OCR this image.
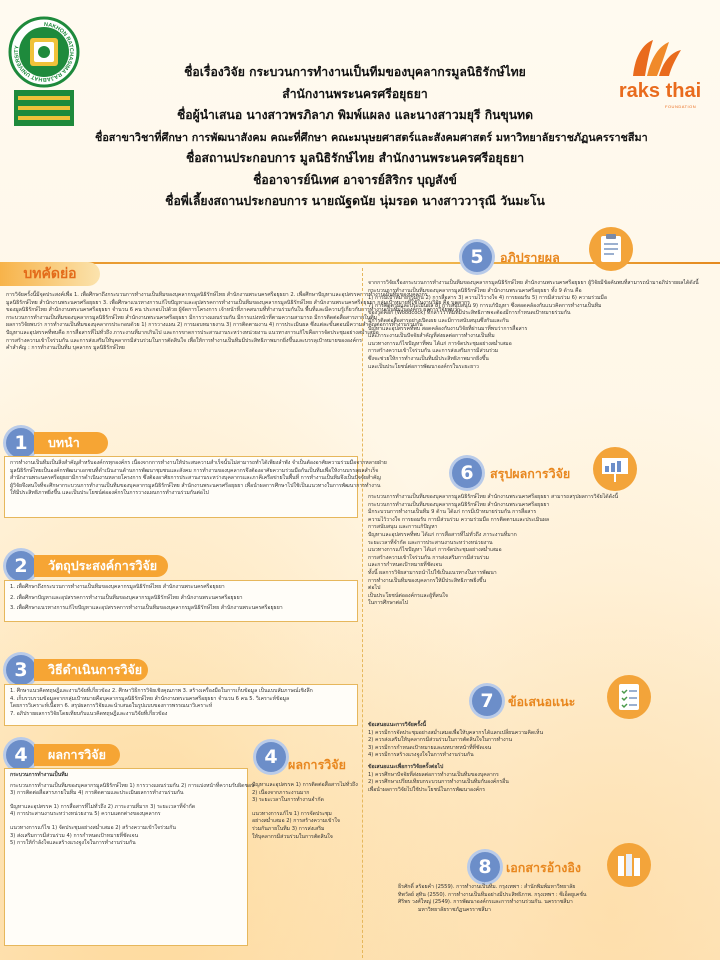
NAKHON RATCHASIMA RAJABHAT UNIVERSITY
raks thai
FOUNDATION
ชื่อเรื่องวิจัย กระบวนการทำงานเป็นทีมของบุคลากรมูลนิธิรักษ์ไทย
สำนักงานพระนครศรีอยุธยา
ชื่อผู้นำเสนอ นางสาวพรภิลาภ พิมพ์แผลง และนางสาวมยุรี กินขุนทด
ชื่อสาขาวิชาที่ศึกษา การพัฒนาสังคม คณะที่ศึกษา คณะมนุษยศาสตร์และสังคมศาสตร์ มหาวิทยาลัยราชภัฏนครราชสีมา
ชื่อสถานประกอบการ มูลนิธิรักษ์ไทย สำนักงานพระนครศรีอยุธยา
ชื่ออาจารย์นิเทศ อาจารย์สิริกร บุญสังข์
ชื่อพี่เลี้ยงสถานประกอบการ นายณัฐดนัย นุ่มรอด นางสาววารุณี วันมะโน
บทคัดย่อ
การวิจัยครั้งนี้มีจุดประสงค์เพื่อ 1. เพื่อศึกษาถึงกระบวนการทำงานเป็นทีมของบุคลากรมูลนิธิรักษ์ไทย สำนักงานพระนครศรีอยุธยา 2. เพื่อศึกษาปัญหาและอุปสรรคการทำงานเป็นทีมของบุคลากร
มูลนิธิรักษ์ไทย สำนักงานพระนครศรีอยุธยา 3. เพื่อศึกษาแนวทางการแก้ไขปัญหาและอุปสรรคการทำงานเป็นทีมของบุคลากรมูลนิธิรักษ์ไทย สำนักงานพระนครศรีอยุธยา กลุ่มเป้าหมายที่ใช้ในงานวิจัย คือ บุคลากร
ของมูลนิธิรักษ์ไทย สำนักงานพระนครศรีอยุธยา จำนวน 6 คน ประกอบไปด้วย ผู้จัดการโครงการ เจ้าหน้าที่ภาคสนามที่ทำงานร่วมกันใน พื้นที่และมีความรู้เกี่ยวกับการทำงานเป็นทีมในองค์กร ผลการวิจัยพบว่า
กระบวนการทำงานเป็นทีมของบุคลากรมูลนิธิรักษ์ไทย สำนักงานพระนครศรีอยุธยา มีการวางแผนร่วมกัน มีการแบ่งหน้าที่ตามความสามารถ มีการติดต่อสื่อสารภายในทีม
ผลการวิจัยพบว่า การทำงานเป็นทีมของบุคลากรประกอบด้วย 1) การวางแผน 2) การมอบหมายงาน 3) การติดตามงาน 4) การประเมินผล ซึ่งแต่ละขั้นตอนมีความสำคัญต่อการทำงานร่วมกัน
ปัญหาและอุปสรรคที่พบคือ การสื่อสารที่ไม่ทั่วถึง ภาระงานที่มากเกินไป และการขาดการประสานงานระหว่างหน่วยงาน แนวทางการแก้ไขคือการจัดประชุมอย่างสม่ำเสมอ
การสร้างความเข้าใจร่วมกัน และการส่งเสริมให้บุคลากรมีส่วนร่วมในการตัดสินใจ เพื่อให้การทำงานเป็นทีมมีประสิทธิภาพมากยิ่งขึ้นและบรรลุเป้าหมายขององค์กร
คำสำคัญ : การทำงานเป็นทีม บุคลากร มูลนิธิรักษ์ไทย
1	บทนำ
การทำงานเป็นทีมเป็นสิ่งสำคัญสำหรับองค์กรทุกองค์กร เนื่องจากการทำงานให้ประสบความสำเร็จนั้นไม่สามารถทำได้เพียงลำพัง จำเป็นต้องอาศัยความร่วมมือจากหลายฝ่าย
มูลนิธิรักษ์ไทยเป็นองค์กรพัฒนาเอกชนที่ดำเนินงานด้านการพัฒนาชุมชนและสังคม การทำงานของบุคลากรจึงต้องอาศัยความร่วมมือกันเป็นทีมเพื่อให้งานบรรลุผลสำเร็จ
สำนักงานพระนครศรีอยุธยามีการดำเนินงานหลายโครงการ ซึ่งต้องอาศัยการประสานงานระหว่างบุคลากรและภาคีเครือข่ายในพื้นที่ การทำงานเป็นทีมจึงเป็นปัจจัยสำคัญ
ผู้วิจัยจึงสนใจที่จะศึกษากระบวนการทำงานเป็นทีมของบุคลากรมูลนิธิรักษ์ไทย สำนักงานพระนครศรีอยุธยา เพื่อนำผลการศึกษาไปใช้เป็นแนวทางในการพัฒนาการทำงาน
ให้มีประสิทธิภาพยิ่งขึ้น และเป็นประโยชน์ต่อองค์กรในการวางแผนการทำงานร่วมกันต่อไป
2	วัตถุประสงค์การวิจัย
1. เพื่อศึกษาถึงกระบวนการทำงานเป็นทีมของบุคลากรมูลนิธิรักษ์ไทย สำนักงานพระนครศรีอยุธยา
2. เพื่อศึกษาปัญหาและอุปสรรคการทำงานเป็นทีมของบุคลากรมูลนิธิรักษ์ไทย สำนักงานพระนครศรีอยุธยา
3. เพื่อศึกษาแนวทางการแก้ไขปัญหาและอุปสรรคการทำงานเป็นทีมของบุคลากรมูลนิธิรักษ์ไทย สำนักงานพระนครศรีอยุธยา
3	วิธีดำเนินการวิจัย
1. ศึกษาแนวคิดทฤษฎีและงานวิจัยที่เกี่ยวข้อง 2. ศึกษาวิธีการวิจัยเชิงคุณภาพ 3. สร้างเครื่องมือในการเก็บข้อมูล เป็นแบบสัมภาษณ์เชิงลึก
4. เก็บรวบรวมข้อมูลจากกลุ่มเป้าหมายคือบุคลากรมูลนิธิรักษ์ไทย สำนักงานพระนครศรีอยุธยา จำนวน 6 คน 5. วิเคราะห์ข้อมูล
โดยการวิเคราะห์เนื้อหา 6. สรุปผลการวิจัยและนำเสนอในรูปแบบของการพรรณนาวิเคราะห์
7. อภิปรายผลการวิจัยโดยเทียบกับแนวคิดทฤษฎีและงานวิจัยที่เกี่ยวข้อง
4	ผลการวิจัย
กระบวนการทำงานเป็นทีม
กระบวนการทำงานเป็นทีมของบุคลากรมูลนิธิรักษ์ไทย 1) การวางแผนร่วมกัน 2) การแบ่งหน้าที่ความรับผิดชอบ
3) การติดต่อสื่อสารภายในทีม 4) การติดตามและประเมินผลการทำงานร่วมกัน
ปัญหาและอุปสรรค 1) การสื่อสารที่ไม่ทั่วถึง 2) ภาระงานที่มาก 3) ระยะเวลาที่จำกัด
4) การประสานงานระหว่างหน่วยงาน 5) ความแตกต่างของบุคลากร
แนวทางการแก้ไข 1) จัดประชุมอย่างสม่ำเสมอ 2) สร้างความเข้าใจร่วมกัน
3) ส่งเสริมการมีส่วนร่วม 4) การกำหนดเป้าหมายที่ชัดเจน
5) การให้กำลังใจและสร้างแรงจูงใจในการทำงานร่วมกัน
4 ผลการวิจัย
ปัญหาและอุปสรรค 1) การติดต่อสื่อสารไม่ทั่วถึง
2) เนื่องจากภาระงานมาก
3) ระยะเวลาในการทำงานจำกัด
แนวทางการแก้ไข 1) การจัดประชุม
อย่างสม่ำเสมอ 2) การสร้างความเข้าใจ
ร่วมกันภายในทีม 3) การส่งเสริม
ให้บุคลากรมีส่วนร่วมในการตัดสินใจ
5	อภิปรายผล
จากการวิจัยเรื่องกระบวนการทำงานเป็นทีมของบุคลากรมูลนิธิรักษ์ไทย สำนักงานพระนครศรีอยุธยา ผู้วิจัยมีข้อค้นพบที่สามารถนำมาอภิปรายผลได้ดังนี้
กระบวนการทำงานเป็นทีมของบุคลากรมูลนิธิรักษ์ไทย สำนักงานพระนครศรีอยุธยา ทั้ง 9 ด้าน คือ
1) การมีเป้าหมายร่วมกัน 2) การสื่อสาร 3) ความไว้วางใจ 4) การยอมรับ 5) การมีส่วนร่วม 6) ความร่วมมือ
7) การติดตามและประเมินผล 8) การสนับสนุน 9) การแก้ปัญหา ซึ่งสอดคล้องกับแนวคิดการทำงานเป็นทีม
ของวูดค็อก (Woodcock) ที่กล่าวว่าทีมที่มีประสิทธิภาพจะต้องมีการกำหนดเป้าหมายร่วมกัน
มีการติดต่อสื่อสารอย่างเปิดเผย และมีการสนับสนุนซึ่งกันและกัน
ปัญหาและอุปสรรคที่พบ สอดคล้องกับงานวิจัยที่ผ่านมาที่พบว่าการสื่อสาร
และภาระงานเป็นปัจจัยสำคัญที่ส่งผลต่อการทำงานเป็นทีม
แนวทางการแก้ไขปัญหาที่พบ ได้แก่ การจัดประชุมอย่างสม่ำเสมอ
การสร้างความเข้าใจร่วมกัน และการส่งเสริมการมีส่วนร่วม
ซึ่งจะช่วยให้การทำงานเป็นทีมมีประสิทธิภาพมากยิ่งขึ้น
และเป็นประโยชน์ต่อการพัฒนาองค์กรในระยะยาว
6	สรุปผลการวิจัย
กระบวนการทำงานเป็นทีมของบุคลากรมูลนิธิรักษ์ไทย สำนักงานพระนครศรีอยุธยา สามารถสรุปผลการวิจัยได้ดังนี้
กระบวนการทำงานเป็นทีมของบุคลากรมูลนิธิรักษ์ไทย สำนักงานพระนครศรีอยุธยา
มีกระบวนการทำงานเป็นทีม 9 ด้าน ได้แก่ การมีเป้าหมายร่วมกัน การสื่อสาร
ความไว้วางใจ การยอมรับ การมีส่วนร่วม ความร่วมมือ การติดตามและประเมินผล
การสนับสนุน และการแก้ปัญหา
ปัญหาและอุปสรรคที่พบ ได้แก่ การสื่อสารที่ไม่ทั่วถึง ภาระงานที่มาก
ระยะเวลาที่จำกัด และการประสานงานระหว่างหน่วยงาน
แนวทางการแก้ไขปัญหา ได้แก่ การจัดประชุมอย่างสม่ำเสมอ
การสร้างความเข้าใจร่วมกัน การส่งเสริมการมีส่วนร่วม
และการกำหนดเป้าหมายที่ชัดเจน
ทั้งนี้ ผลการวิจัยสามารถนำไปใช้เป็นแนวทางในการพัฒนา
การทำงานเป็นทีมของบุคลากรให้มีประสิทธิภาพยิ่งขึ้น
ต่อไป
เป็นประโยชน์ต่อองค์กรและผู้ที่สนใจ
ในการศึกษาต่อไป
7	ข้อเสนอแนะ
ข้อเสนอแนะการวิจัยครั้งนี้
1) ควรมีการจัดประชุมอย่างสม่ำเสมอเพื่อให้บุคลากรได้แลกเปลี่ยนความคิดเห็น
2) ควรส่งเสริมให้บุคลากรมีส่วนร่วมในการตัดสินใจในการทำงาน
3) ควรมีการกำหนดเป้าหมายและบทบาทหน้าที่ที่ชัดเจน
4) ควรมีการสร้างแรงจูงใจในการทำงานร่วมกัน
ข้อเสนอแนะเพื่อการวิจัยครั้งต่อไป
1) ควรศึกษาปัจจัยที่ส่งผลต่อการทำงานเป็นทีมของบุคลากร
2) ควรศึกษาเปรียบเทียบกระบวนการทำงานเป็นทีมกับองค์กรอื่น
เพื่อนำผลการวิจัยไปใช้ประโยชน์ในการพัฒนาองค์กร
8	เอกสารอ้างอิง
ธีรศักดิ์ สร้อยคำ (2559). การทำงานเป็นทีม. กรุงเทพฯ : สำนักพิมพ์มหาวิทยาลัย
ทิพวัลย์ สุทิน (2550). การทำงานเป็นทีมอย่างมีประสิทธิภาพ. กรุงเทพฯ : ซีเอ็ดยูเคชั่น
ศิริพร วงศ์ใหญ่ (2549). การพัฒนาองค์กรและการทำงานร่วมกัน. นครราชสีมา
มหาวิทยาลัยราชภัฏนครราชสีมา
